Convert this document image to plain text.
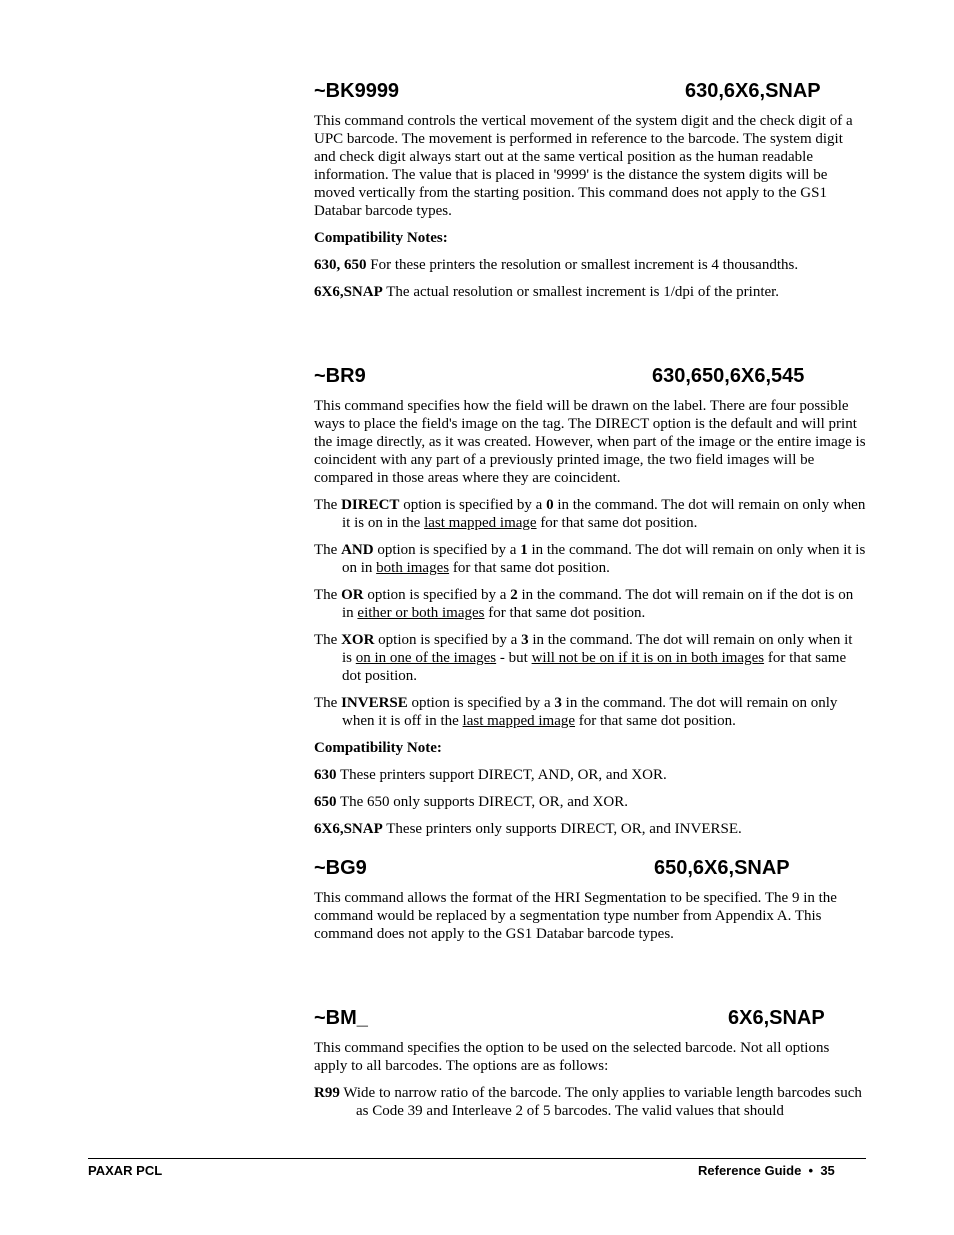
~BK9999	630,6X6,SNAP

This command controls the vertical movement of the system digit and the check digit of a UPC barcode. The movement is performed in reference to the barcode. The system digit and check digit always start out at the same vertical position as the human readable information. The value that is placed in '9999' is the distance the system digits will be moved vertically from the starting position. This command does not apply to the GS1 Databar barcode types.

Compatibility Notes:

630, 650 For these printers the resolution or smallest increment is 4 thousandths.

6X6,SNAP The actual resolution or smallest increment is 1/dpi of the printer.

~BR9	630,650,6X6,545

This command specifies how the field will be drawn on the label. There are four possible ways to place the field's image on the tag. The DIRECT option is the default and will print the image directly, as it was created. However, when part of the image or the entire image is coincident with any part of a previously printed image, the two field images will be compared in those areas where they are coincident.

The DIRECT option is specified by a 0 in the command. The dot will remain on only when it is on in the last mapped image for that same dot position.

The AND option is specified by a 1 in the command. The dot will remain on only when it is on in both images for that same dot position.

The OR option is specified by a 2 in the command. The dot will remain on if the dot is on in either or both images for that same dot position.

The XOR option is specified by a 3 in the command. The dot will remain on only when it is on in one of the images - but will not be on if it is on in both images for that same dot position.

The INVERSE option is specified by a 3 in the command. The dot will remain on only when it is off in the last mapped image for that same dot position.

Compatibility Note:

630 These printers support DIRECT, AND, OR, and XOR.

650 The 650 only supports DIRECT, OR, and XOR.

6X6,SNAP These printers only supports DIRECT, OR, and INVERSE.

~BG9	650,6X6,SNAP

This command allows the format of the HRI Segmentation to be specified. The 9 in the command would be replaced by a segmentation type number from Appendix A. This command does not apply to the GS1 Databar barcode types.

~BM_	6X6,SNAP

This command specifies the option to be used on the selected barcode. Not all options apply to all barcodes. The options are as follows:

R99 Wide to narrow ratio of the barcode. The only applies to variable length barcodes such as Code 39 and Interleave 2 of 5 barcodes. The valid values that should

PAXAR PCL	Reference Guide  •  35
